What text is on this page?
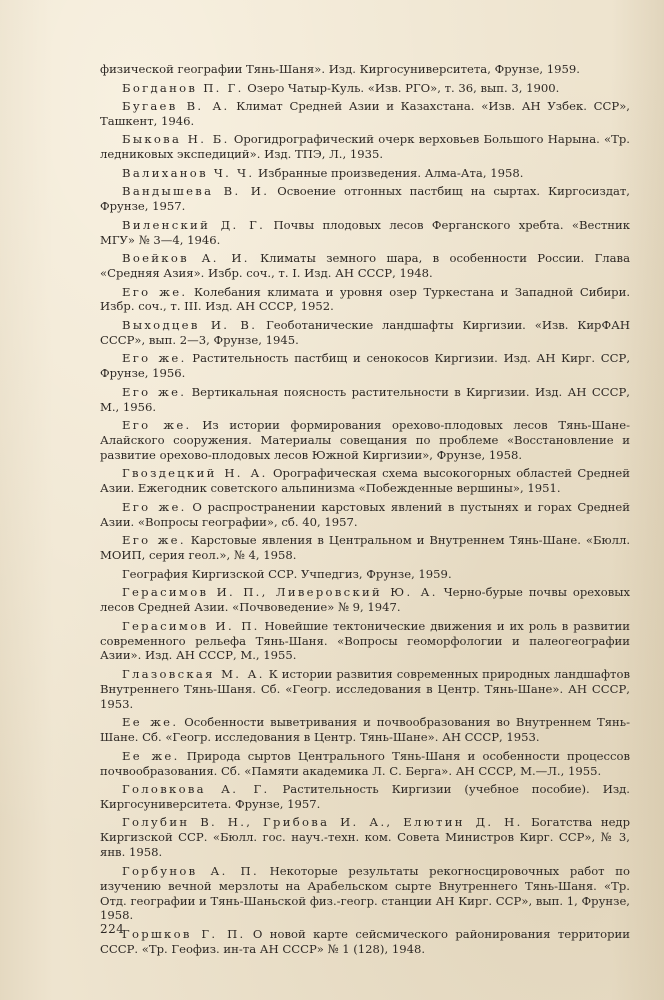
физической географии Тянь-Шаня». Изд. Киргосуниверситета, Фрунзе, 1959.

Богданов П. Г. Озеро Чатыр-Куль. «Изв. РГО», т. 36, вып. 3, 1900.

Бугаев В. А. Климат Средней Азии и Казахстана. «Изв. АН Узбек. ССР», Ташкент, 1946.

Быкова Н. Б. Орогидрографический очерк верховьев Большого Нарына. «Тр. ледниковых экспедиций». Изд. ТПЭ, Л., 1935.

Валиханов Ч. Ч. Избранные произведения. Алма-Ата, 1958.

Вандышева В. И. Освоение отгонных пастбищ на сыртах. Киргосиздат, Фрунзе, 1957.

Виленский Д. Г. Почвы плодовых лесов Ферганского хребта. «Вестник МГУ» № 3—4, 1946.

Воейков А. И. Климаты земного шара, в особенности России. Глава «Средняя Азия». Избр. соч., т. I. Изд. АН СССР, 1948.

Его же. Колебания климата и уровня озер Туркестана и Западной Сибири. Избр. соч., т. III. Изд. АН СССР, 1952.

Выходцев И. В. Геоботанические ландшафты Киргизии. «Изв. КирФАН СССР», вып. 2—3, Фрунзе, 1945.

Его же. Растительность пастбищ и сенокосов Киргизии. Изд. АН Кирг. ССР, Фрунзе, 1956.

Его же. Вертикальная поясность растительности в Киргизии. Изд. АН СССР, М., 1956.

Его же. Из истории формирования орехово-плодовых лесов Тянь-Шане-Алайского сооружения. Материалы совещания по проблеме «Восстановление и развитие орехово-плодовых лесов Южной Киргизии», Фрунзе, 1958.

Гвоздецкий Н. А. Орографическая схема высокогорных областей Средней Азии. Ежегодник советского альпинизма «Побежденные вершины», 1951.

Его же. О распространении карстовых явлений в пустынях и горах Средней Азии. «Вопросы географии», сб. 40, 1957.

Его же. Карстовые явления в Центральном и Внутреннем Тянь-Шане. «Бюлл. МОИП, серия геол.», № 4, 1958.

География Киргизской ССР. Учпедгиз, Фрунзе, 1959.

Герасимов И. П., Ливеровский Ю. А. Черно-бурые почвы ореховых лесов Средней Азии. «Почвоведение» № 9, 1947.

Герасимов И. П. Новейшие тектонические движения и их роль в развитии современного рельефа Тянь-Шаня. «Вопросы геоморфологии и палеогеографии Азии». Изд. АН СССР, М., 1955.

Глазовская М. А. К истории развития современных природных ландшафтов Внутреннего Тянь-Шаня. Сб. «Геогр. исследования в Центр. Тянь-Шане». АН СССР, 1953.

Ее же. Особенности выветривания и почвообразования во Внутреннем Тянь-Шане. Сб. «Геогр. исследования в Центр. Тянь-Шане». АН СССР, 1953.

Ее же. Природа сыртов Центрального Тянь-Шаня и особенности процессов почвообразования. Сб. «Памяти академика Л. С. Берга». АН СССР, М.—Л., 1955.

Головкова А. Г. Растительность Киргизии (учебное пособие). Изд. Киргосуниверситета. Фрунзе, 1957.

Голубин В. Н., Грибова И. А., Елютин Д. Н. Богатства недр Киргизской ССР. «Бюлл. гос. науч.-техн. ком. Совета Министров Кирг. ССР», № 3, янв. 1958.

Горбунов А. П. Некоторые результаты рекогносцировочных работ по изучению вечной мерзлоты на Арабельском сырте Внутреннего Тянь-Шаня. «Тр. Отд. географии и Тянь-Шаньской физ.-геогр. станции АН Кирг. ССР», вып. 1, Фрунзе, 1958.

Горшков Г. П. О новой карте сейсмического районирования территории СССР. «Тр. Геофиз. ин-та АН СССР» № 1 (128), 1948.

224
